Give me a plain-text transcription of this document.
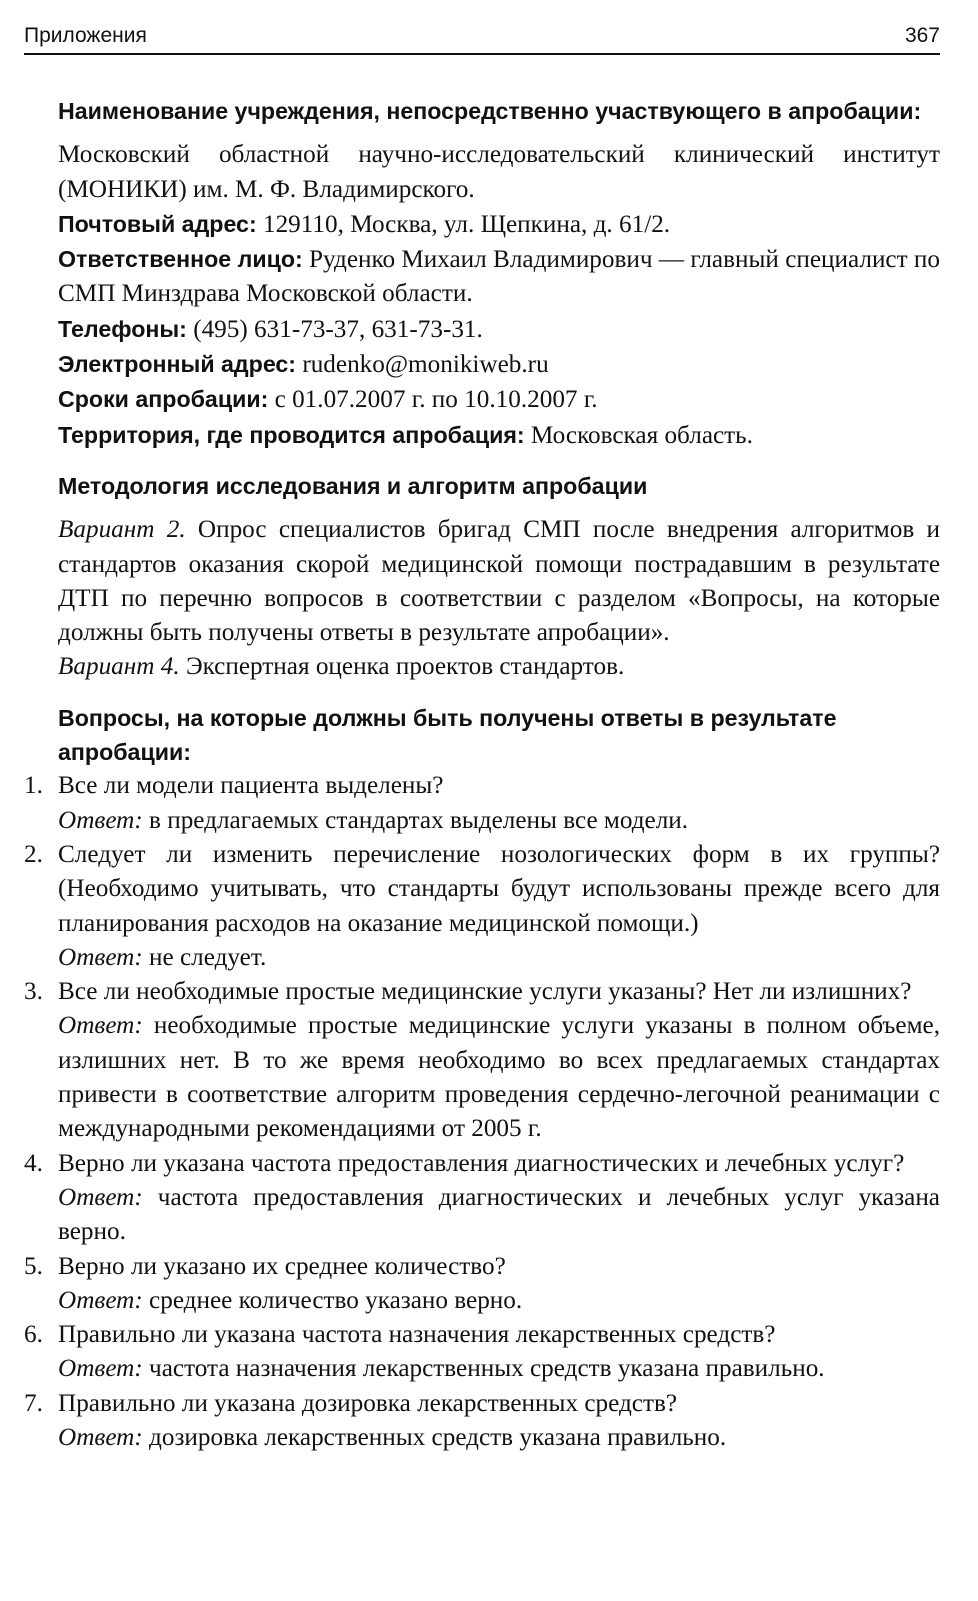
Приложения	367

Наименование учреждения, непосредственно участвующего в апробации:

Московский областной научно-исследовательский клинический институт (МОНИКИ) им. М. Ф. Владимирского.

Почтовый адрес: 129110, Москва, ул. Щепкина, д. 61/2.

Ответственное лицо: Руденко Михаил Владимирович — главный специалист по СМП Минздрава Московской области.

Телефоны: (495) 631-73-37, 631-73-31.

Электронный адрес: rudenko@monikiweb.ru

Сроки апробации: с 01.07.2007 г. по 10.10.2007 г.

Территория, где проводится апробация: Московская область.

Методология исследования и алгоритм апробации

Вариант 2. Опрос специалистов бригад СМП после внедрения алгоритмов и стандартов оказания скорой медицинской помощи пострадавшим в результате ДТП по перечню вопросов в соответствии с разделом «Вопросы, на которые должны быть получены ответы в результате апробации».

Вариант 4. Экспертная оценка проектов стандартов.

Вопросы, на которые должны быть получены ответы в результате апробации:

1. Все ли модели пациента выделены?

Ответ: в предлагаемых стандартах выделены все модели.

2. Следует ли изменить перечисление нозологических форм в их группы? (Необходимо учитывать, что стандарты будут использованы прежде всего для планирования расходов на оказание медицинской помощи.)

Ответ: не следует.

3. Все ли необходимые простые медицинские услуги указаны? Нет ли излишних?

Ответ: необходимые простые медицинские услуги указаны в полном объеме, излишних нет. В то же время необходимо во всех предлагаемых стандартах привести в соответствие алгоритм проведения сердечно-легочной реанимации с международными рекомендациями от 2005 г.

4. Верно ли указана частота предоставления диагностических и лечебных услуг?

Ответ: частота предоставления диагностических и лечебных услуг указана верно.

5. Верно ли указано их среднее количество?

Ответ: среднее количество указано верно.

6. Правильно ли указана частота назначения лекарственных средств?

Ответ: частота назначения лекарственных средств указана правильно.

7. Правильно ли указана дозировка лекарственных средств?

Ответ: дозировка лекарственных средств указана правильно.
